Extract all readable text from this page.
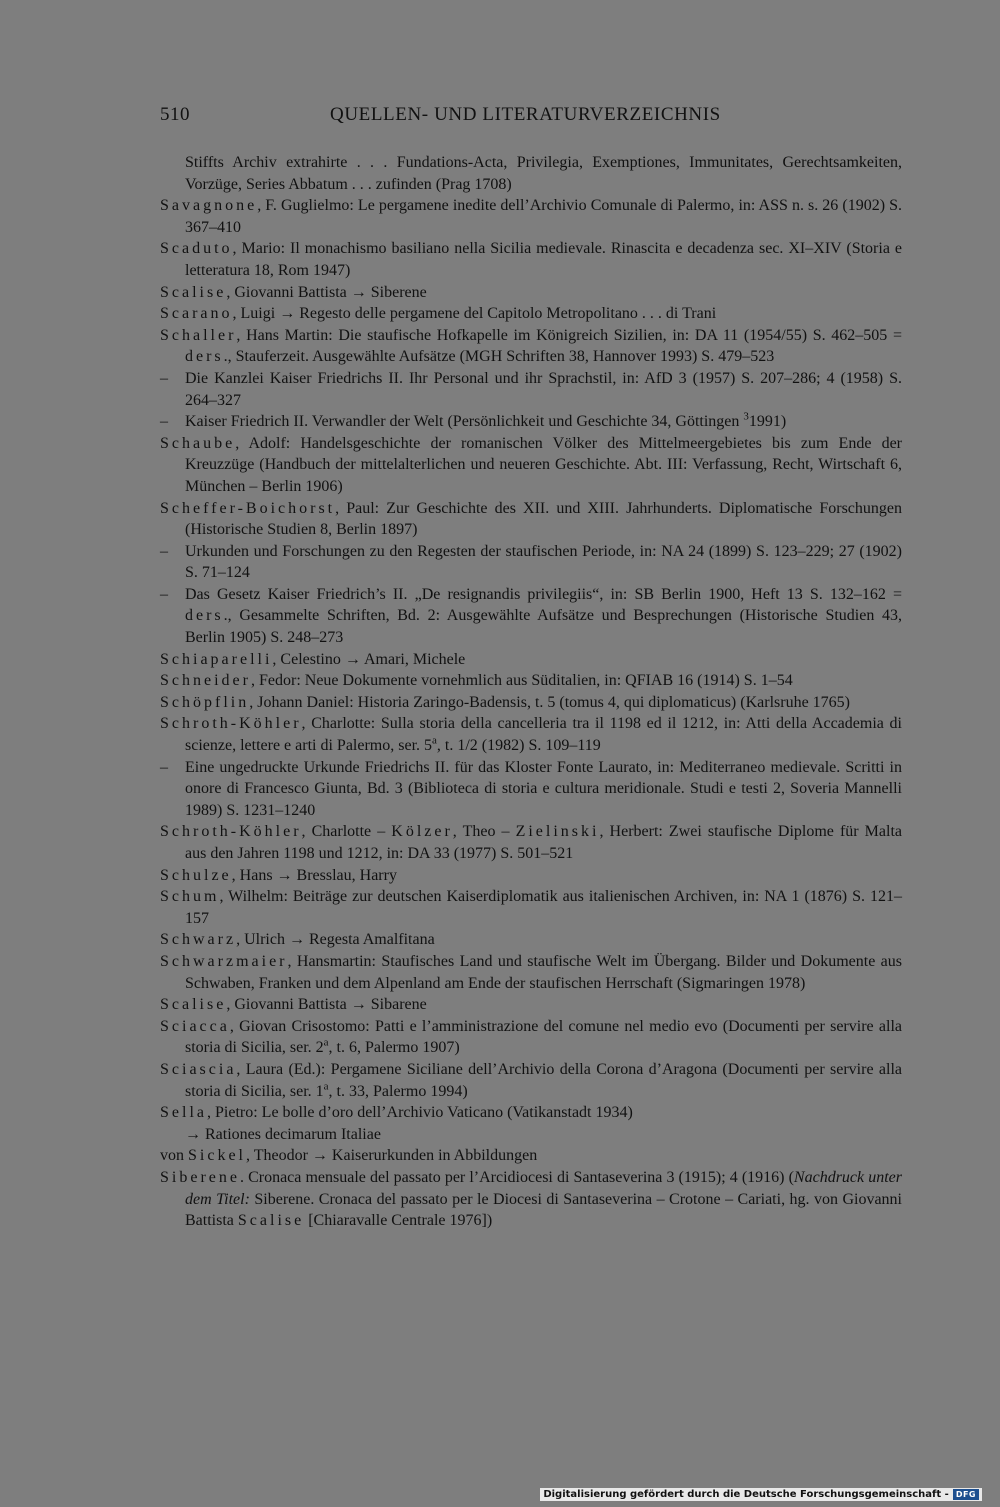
510	QUELLEN- UND LITERATURVERZEICHNIS

Stiffts Archiv extrahirte . . . Fundations-Acta, Privilegia, Exemptiones, Immunitates, Gerechtsamkeiten, Vorzüge, Series Abbatum . . . zufinden (Prag 1708)

Savagnone, F. Guglielmo: Le pergamene inedite dell’Archivio Comunale di Palermo, in: ASS n. s. 26 (1902) S. 367–410

Scaduto, Mario: Il monachismo basiliano nella Sicilia medievale. Rinascita e decadenza sec. XI–XIV (Storia e letteratura 18, Rom 1947)

Scalise, Giovanni Battista → Siberene

Scarano, Luigi → Regesto delle pergamene del Capitolo Metropolitano . . . di Trani

Schaller, Hans Martin: Die staufische Hofkapelle im Königreich Sizilien, in: DA 11 (1954/55) S. 462–505 = ders., Stauferzeit. Ausgewählte Aufsätze (MGH Schriften 38, Hannover 1993) S. 479–523

– Die Kanzlei Kaiser Friedrichs II. Ihr Personal und ihr Sprachstil, in: AfD 3 (1957) S. 207–286; 4 (1958) S. 264–327

– Kaiser Friedrich II. Verwandler der Welt (Persönlichkeit und Geschichte 34, Göttingen $^3$1991)

Schaube, Adolf: Handelsgeschichte der romanischen Völker des Mittelmeergebietes bis zum Ende der Kreuzzüge (Handbuch der mittelalterlichen und neueren Geschichte. Abt. III: Verfassung, Recht, Wirtschaft 6, München – Berlin 1906)

Scheffer-Boichorst, Paul: Zur Geschichte des XII. und XIII. Jahrhunderts. Diplomatische Forschungen (Historische Studien 8, Berlin 1897)

– Urkunden und Forschungen zu den Regesten der staufischen Periode, in: NA 24 (1899) S. 123–229; 27 (1902) S. 71–124

– Das Gesetz Kaiser Friedrich’s II. „De resignandis privilegiis“, in: SB Berlin 1900, Heft 13 S. 132–162 = ders., Gesammelte Schriften, Bd. 2: Ausgewählte Aufsätze und Besprechungen (Historische Studien 43, Berlin 1905) S. 248–273

Schiaparelli, Celestino → Amari, Michele

Schneider, Fedor: Neue Dokumente vornehmlich aus Süditalien, in: QFIAB 16 (1914) S. 1–54

Schöpflin, Johann Daniel: Historia Zaringo-Badensis, t. 5 (tomus 4, qui diplomaticus) (Karlsruhe 1765)

Schroth-Köhler, Charlotte: Sulla storia della cancelleria tra il 1198 ed il 1212, in: Atti della Accademia di scienze, lettere e arti di Palermo, ser. 5$^a$, t. 1/2 (1982) S. 109–119

– Eine ungedruckte Urkunde Friedrichs II. für das Kloster Fonte Laurato, in: Mediterraneo medievale. Scritti in onore di Francesco Giunta, Bd. 3 (Biblioteca di storia e cultura meridionale. Studi e testi 2, Soveria Mannelli 1989) S. 1231–1240

Schroth-Köhler, Charlotte – Kölzer, Theo – Zielinski, Herbert: Zwei staufische Diplome für Malta aus den Jahren 1198 und 1212, in: DA 33 (1977) S. 501–521

Schulze, Hans → Bresslau, Harry

Schum, Wilhelm: Beiträge zur deutschen Kaiserdiplomatik aus italienischen Archiven, in: NA 1 (1876) S. 121–157

Schwarz, Ulrich → Regesta Amalfitana

Schwarzmaier, Hansmartin: Staufisches Land und staufische Welt im Übergang. Bilder und Dokumente aus Schwaben, Franken und dem Alpenland am Ende der staufischen Herrschaft (Sigmaringen 1978)

Scalise, Giovanni Battista → Sibarene

Sciacca, Giovan Crisostomo: Patti e l’amministrazione del comune nel medio evo (Documenti per servire alla storia di Sicilia, ser. 2$^a$, t. 6, Palermo 1907)

Sciascia, Laura (Ed.): Pergamene Siciliane dell’Archivio della Corona d’Aragona (Documenti per servire alla storia di Sicilia, ser. 1$^a$, t. 33, Palermo 1994)

Sella, Pietro: Le bolle d’oro dell’Archivio Vaticano (Vatikanstadt 1934)

→ Rationes decimarum Italiae

von Sickel, Theodor → Kaiserurkunden in Abbildungen

Siberene. Cronaca mensuale del passato per l’Arcidiocesi di Santaseverina 3 (1915); 4 (1916) (Nachdruck unter dem Titel: Siberene. Cronaca del passato per le Diocesi di Santaseverina – Crotone – Cariati, hg. von Giovanni Battista Scalise [Chiaravalle Centrale 1976])

Digitalisierung gefördert durch die Deutsche Forschungsgemeinschaft - DFG
